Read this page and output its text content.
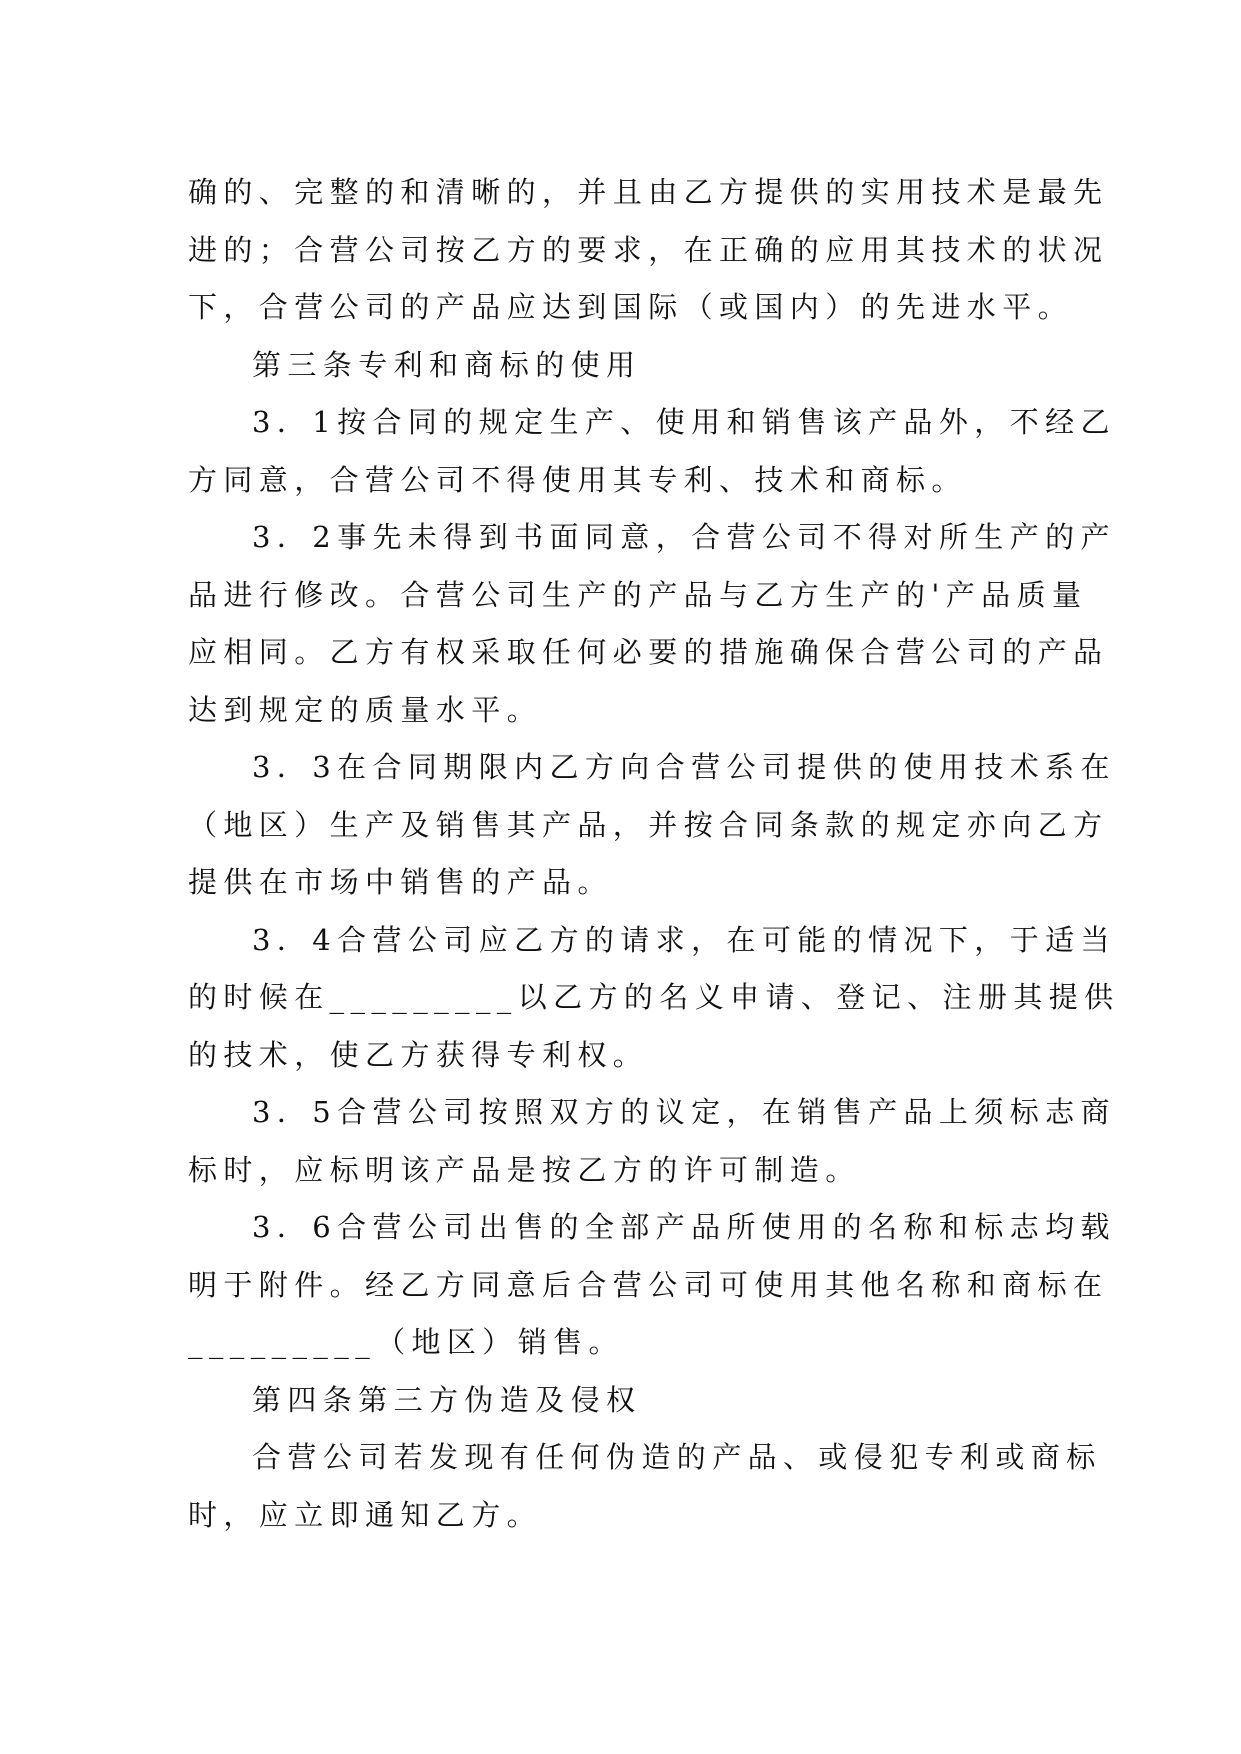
确的、完整的和清晰的，并且由乙方提供的实用技术是最先
进的；合营公司按乙方的要求，在正确的应用其技术的状况
下，合营公司的产品应达到国际（或国内）的先进水平。
第三条专利和商标的使用
3．1按合同的规定生产、使用和销售该产品外，不经乙
方同意，合营公司不得使用其专利、技术和商标。
3．2事先未得到书面同意，合营公司不得对所生产的产
品进行修改。合营公司生产的产品与乙方生产的'产品质量
应相同。乙方有权采取任何必要的措施确保合营公司的产品
达到规定的质量水平。
3．3在合同期限内乙方向合营公司提供的使用技术系在
（地区）生产及销售其产品，并按合同条款的规定亦向乙方
提供在市场中销售的产品。
3．4合营公司应乙方的请求，在可能的情况下，于适当
的时候在_________以乙方的名义申请、登记、注册其提供
的技术，使乙方获得专利权。
3．5合营公司按照双方的议定，在销售产品上须标志商
标时，应标明该产品是按乙方的许可制造。
3．6合营公司出售的全部产品所使用的名称和标志均载
明于附件。经乙方同意后合营公司可使用其他名称和商标在
_________（地区）销售。
第四条第三方伪造及侵权
合营公司若发现有任何伪造的产品、或侵犯专利或商标
时，应立即通知乙方。
